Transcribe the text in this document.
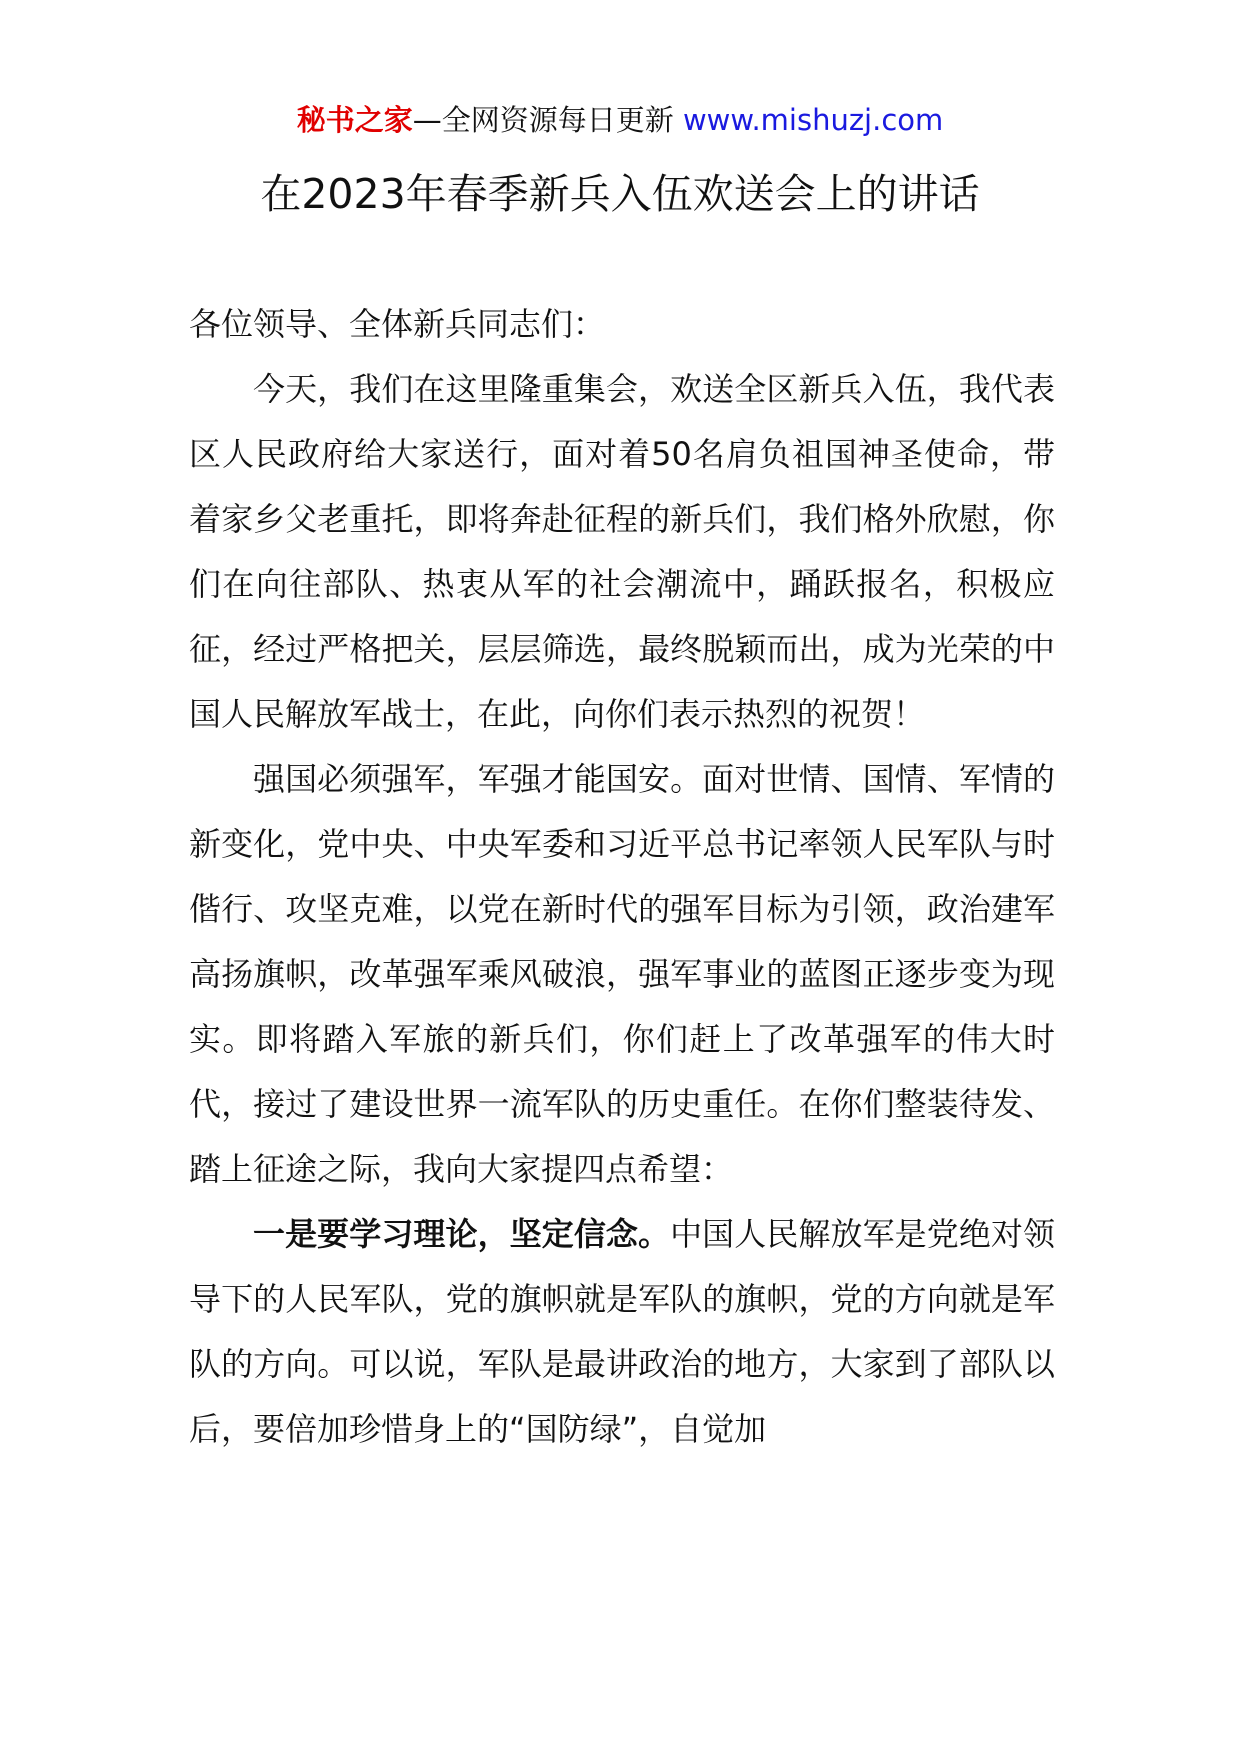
秘书之家—全网资源每日更新 www.mishuzj.com
在2023年春季新兵入伍欢送会上的讲话

各位领导、全体新兵同志们：

今天，我们在这里隆重集会，欢送全区新兵入伍，我代表区人民政府给大家送行，面对着50名肩负祖国神圣使命，带着家乡父老重托，即将奔赴征程的新兵们，我们格外欣慰，你们在向往部队、热衷从军的社会潮流中，踊跃报名，积极应征，经过严格把关，层层筛选，最终脱颖而出，成为光荣的中国人民解放军战士，在此，向你们表示热烈的祝贺！

强国必须强军，军强才能国安。面对世情、国情、军情的新变化，党中央、中央军委和习近平总书记率领人民军队与时偕行、攻坚克难，以党在新时代的强军目标为引领，政治建军高扬旗帜，改革强军乘风破浪，强军事业的蓝图正逐步变为现实。即将踏入军旅的新兵们，你们赶上了改革强军的伟大时代，接过了建设世界一流军队的历史重任。在你们整装待发、踏上征途之际，我向大家提四点希望：

一是要学习理论，坚定信念。中国人民解放军是党绝对领导下的人民军队，党的旗帜就是军队的旗帜，党的方向就是军队的方向。可以说，军队是最讲政治的地方，大家到了部队以后，要倍加珍惜身上的“国防绿”，自觉加
